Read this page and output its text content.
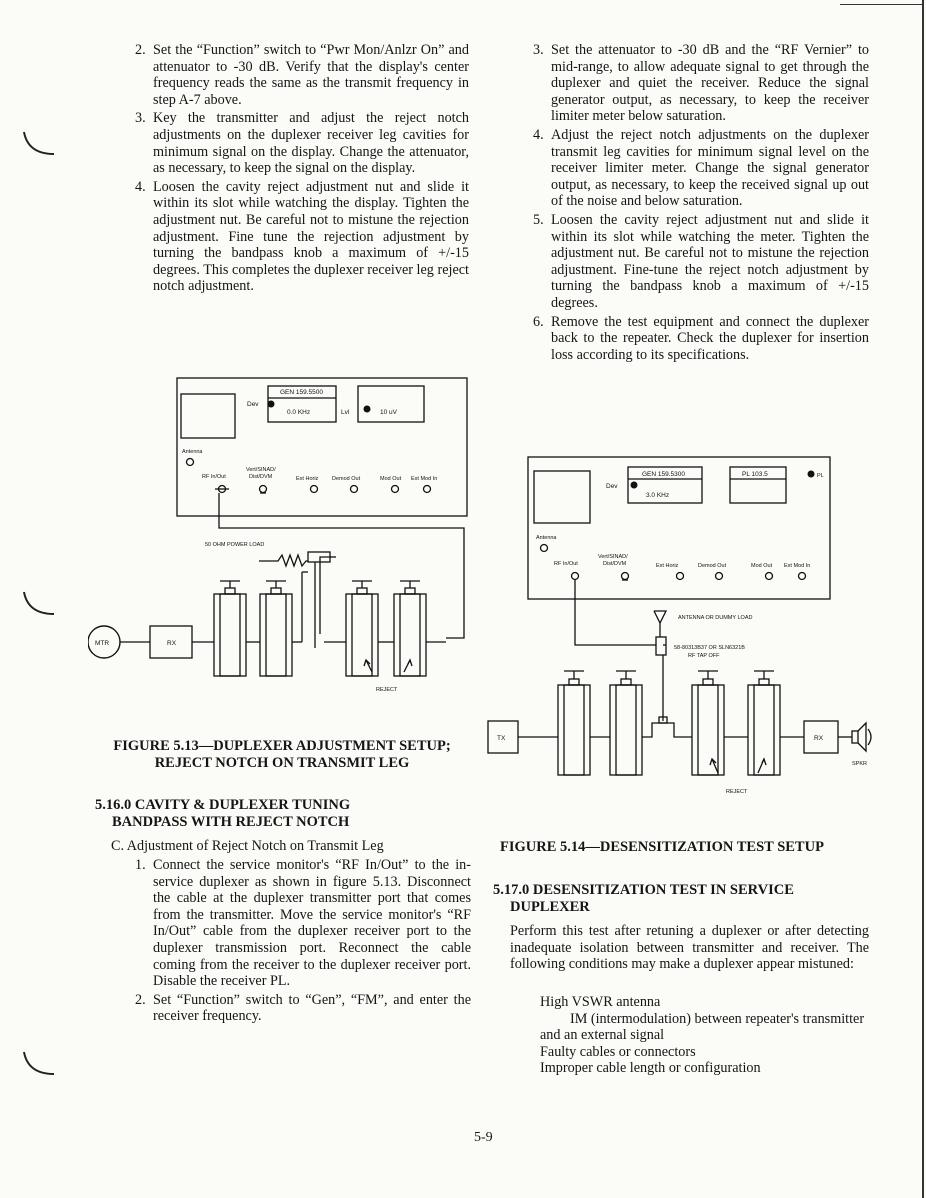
2. Set the “Function” switch to “Pwr Mon/Anlzr On” and attenuator to -30 dB. Verify that the display's center frequency reads the same as the transmit frequency in step A-7 above.
3. Key the transmitter and adjust the reject notch adjustments on the duplexer receiver leg cavities for minimum signal on the display. Change the attenuator, as necessary, to keep the signal on the display.
4. Loosen the cavity reject adjustment nut and slide it within its slot while watching the display. Tighten the adjustment nut. Be careful not to mistune the rejection adjustment. Fine tune the rejection adjustment by turning the bandpass knob a maximum of +/-15 degrees. This completes the duplexer receiver leg reject notch adjustment.
GEN 159.5500
Dev
0.0 KHz	Lvl	10 uV
Antenna
RF In/Out
Vert/SINAD/
Dist/DVM	Ext Horiz Demod Out	Mod Out Ext Mod In
50 OHM POWER LOAD
MTR	RX
REJECT
FIGURE 5.13—DUPLEXER ADJUSTMENT SETUP;
REJECT NOTCH ON TRANSMIT LEG
5.16.0 CAVITY & DUPLEXER TUNING
BANDPASS WITH REJECT NOTCH
C. Adjustment of Reject Notch on Transmit Leg
1. Connect the service monitor's “RF In/Out” to the in-service duplexer as shown in figure 5.13. Disconnect the cable at the duplexer transmitter port that comes from the transmitter. Move the service monitor's “RF In/Out” cable from the duplexer receiver port to the duplexer transmission port. Reconnect the cable coming from the receiver to the duplexer receiver port. Disable the receiver PL.
2. Set “Function” switch to “Gen”, “FM”, and enter the receiver frequency.
3. Set the attenuator to -30 dB and the “RF Vernier” to mid-range, to allow adequate signal to get through the duplexer and quiet the receiver. Reduce the signal generator output, as necessary, to keep the receiver limiter meter below saturation.
4. Adjust the reject notch adjustments on the duplexer transmit leg cavities for minimum signal level on the receiver limiter meter. Change the signal generator output, as necessary, to keep the received signal up out of the noise and below saturation.
5. Loosen the cavity reject adjustment nut and slide it within its slot while watching the meter. Tighten the adjustment nut. Be careful not to mistune the rejection adjustment. Fine-tune the reject notch adjustment by turning the bandpass knob a maximum of +/-15 degrees.
6. Remove the test equipment and connect the duplexer back to the repeater. Check the duplexer for insertion loss according to its specifications.
GEN 159.5300
Dev
3.0 KHz
PL 103.5	PL
Antenna
RF In/Out
Vert/SINAD/
Dist/DVM	Ext Horiz	Demod Out	Mod Out Ext Mod In
ANTENNA OR DUMMY LOAD
58-80313B37 OR SLN6321B
RF TAP OFF
TX	RX
SPKR
REJECT
FIGURE 5.14—DESENSITIZATION TEST SETUP
5.17.0 DESENSITIZATION TEST IN SERVICE
DUPLEXER
Perform this test after retuning a duplexer or after detecting inadequate isolation between transmitter and receiver. The following conditions may make a duplexer appear mistuned:
High VSWR antenna
IM (intermodulation) between repeater's transmitter and an external signal
Faulty cables or connectors
Improper cable length or configuration
5-9
